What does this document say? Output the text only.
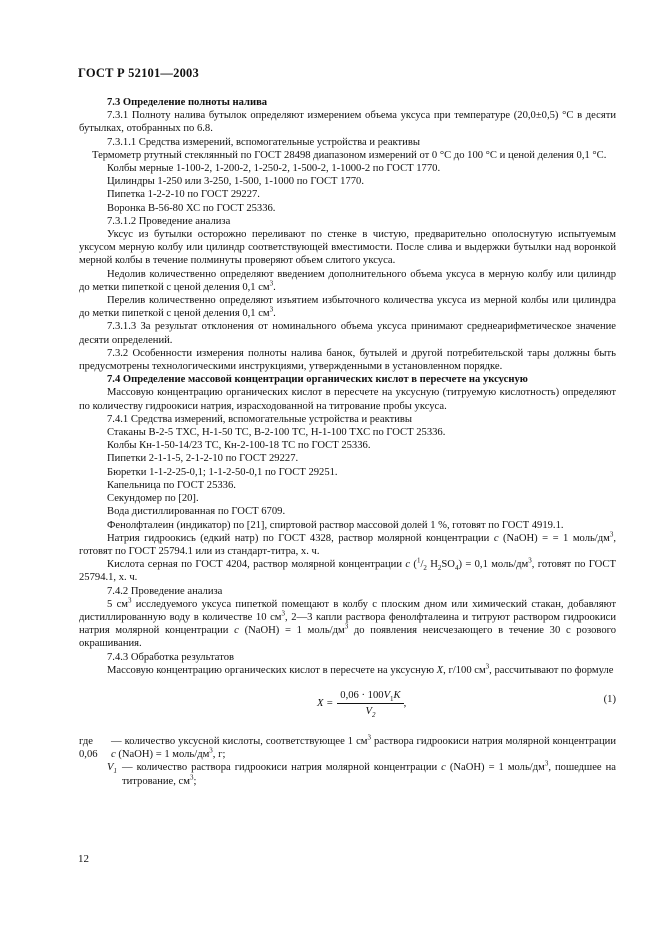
ГОСТ Р 52101—2003

7.3 Определение полноты налива

7.3.1 Полноту налива бутылок определяют измерением объема уксуса при температуре (20,0±0,5) °С в десяти бутылках, отобранных по 6.8.

7.3.1.1 Средства измерений, вспомогательные устройства и реактивы

Термометр ртутный стеклянный по ГОСТ 28498 диапазоном измерений от 0 °С до 100 °С и ценой деления 0,1 °С.

Колбы мерные 1-100-2, 1-200-2, 1-250-2, 1-500-2, 1-1000-2 по ГОСТ 1770.

Цилиндры 1-250 или 3-250, 1-500, 1-1000 по ГОСТ 1770.

Пипетка 1-2-2-10 по ГОСТ 29227.

Воронка В-56-80 ХС по ГОСТ 25336.

7.3.1.2 Проведение анализа

Уксус из бутылки осторожно переливают по стенке в чистую, предварительно ополоснутую испытуемым уксусом мерную колбу или цилиндр соответствующей вместимости. После слива и выдержки бутылки над воронкой мерной колбы в течение полминуты проверяют объем слитого уксуса.

Недолив количественно определяют введением дополнительного объема уксуса в мерную колбу или цилиндр до метки пипеткой с ценой деления 0,1 $см^3$.

Перелив количественно определяют изъятием избыточного количества уксуса из мерной колбы или цилиндра до метки пипеткой с ценой деления 0,1 $см^3$.

7.3.1.3 За результат отклонения от номинального объема уксуса принимают среднеарифметическое значение десяти определений.

7.3.2 Особенности измерения полноты налива банок, бутылей и другой потребительской тары должны быть предусмотрены технологическими инструкциями, утвержденными в установленном порядке.

7.4 Определение массовой концентрации органических кислот в пересчете на уксусную

Массовую концентрацию органических кислот в пересчете на уксусную (титруемую кислотность) определяют по количеству гидроокиси натрия, израсходованной на титрование пробы уксуса.

7.4.1 Средства измерений, вспомогательные устройства и реактивы

Стаканы В-2-5 ТХС, Н-1-50 ТС, В-2-100 ТС, Н-1-100 ТХС по ГОСТ 25336.

Колбы Кн-1-50-14/23 ТС, Кн-2-100-18 ТС по ГОСТ 25336.

Пипетки 2-1-1-5, 2-1-2-10 по ГОСТ 29227.

Бюретки 1-1-2-25-0,1; 1-1-2-50-0,1 по ГОСТ 29251.

Капельница по ГОСТ 25336.

Секундомер по [20].

Вода дистиллированная по ГОСТ 6709.

Фенолфталеин (индикатор) по [21], спиртовой раствор массовой долей 1 %, готовят по ГОСТ 4919.1.

Натрия гидроокись (едкий натр) по ГОСТ 4328, раствор молярной концентрации c (NaOH) = = 1 моль/$дм^3$, готовят по ГОСТ 25794.1 или из стандарт-титра, х. ч.

Кислота серная по ГОСТ 4204, раствор молярной концентрации c ($^1/_2$ $H_2SO_4) = 0,1$ моль/$дм^3$, готовят по ГОСТ 25794.1, х. ч.

7.4.2 Проведение анализа

5 $см^3$ исследуемого уксуса пипеткой помещают в колбу с плоским дном или химический стакан, добавляют дистиллированную воду в количестве 10 $см^3$, 2—3 капли раствора фенолфталеина и титруют раствором гидроокиси натрия молярной концентрации c (NaOH) = 1 моль/$дм^3$ до появления неисчезающего в течение 30 с розового окрашивания.

7.4.3 Обработка результатов

Массовую концентрацию органических кислот в пересчете на уксусную X, г/100 $см^3$, рассчитывают по формуле

$X = \frac{0,06 \cdot 100V_1K}{V_2}$ ,	(1)
где 0,06
— количество уксусной кислоты, соответствующее 1 $см^3$ раствора гидроокиси натрия молярной концентрации c (NaOH) = 1 моль/$дм^3$, г;
$V_1$ — количество раствора гидроокиси натрия молярной концентрации c (NaOH) = 1 моль/$дм^3$, пошедшее на титрование, $см^3$;
12
